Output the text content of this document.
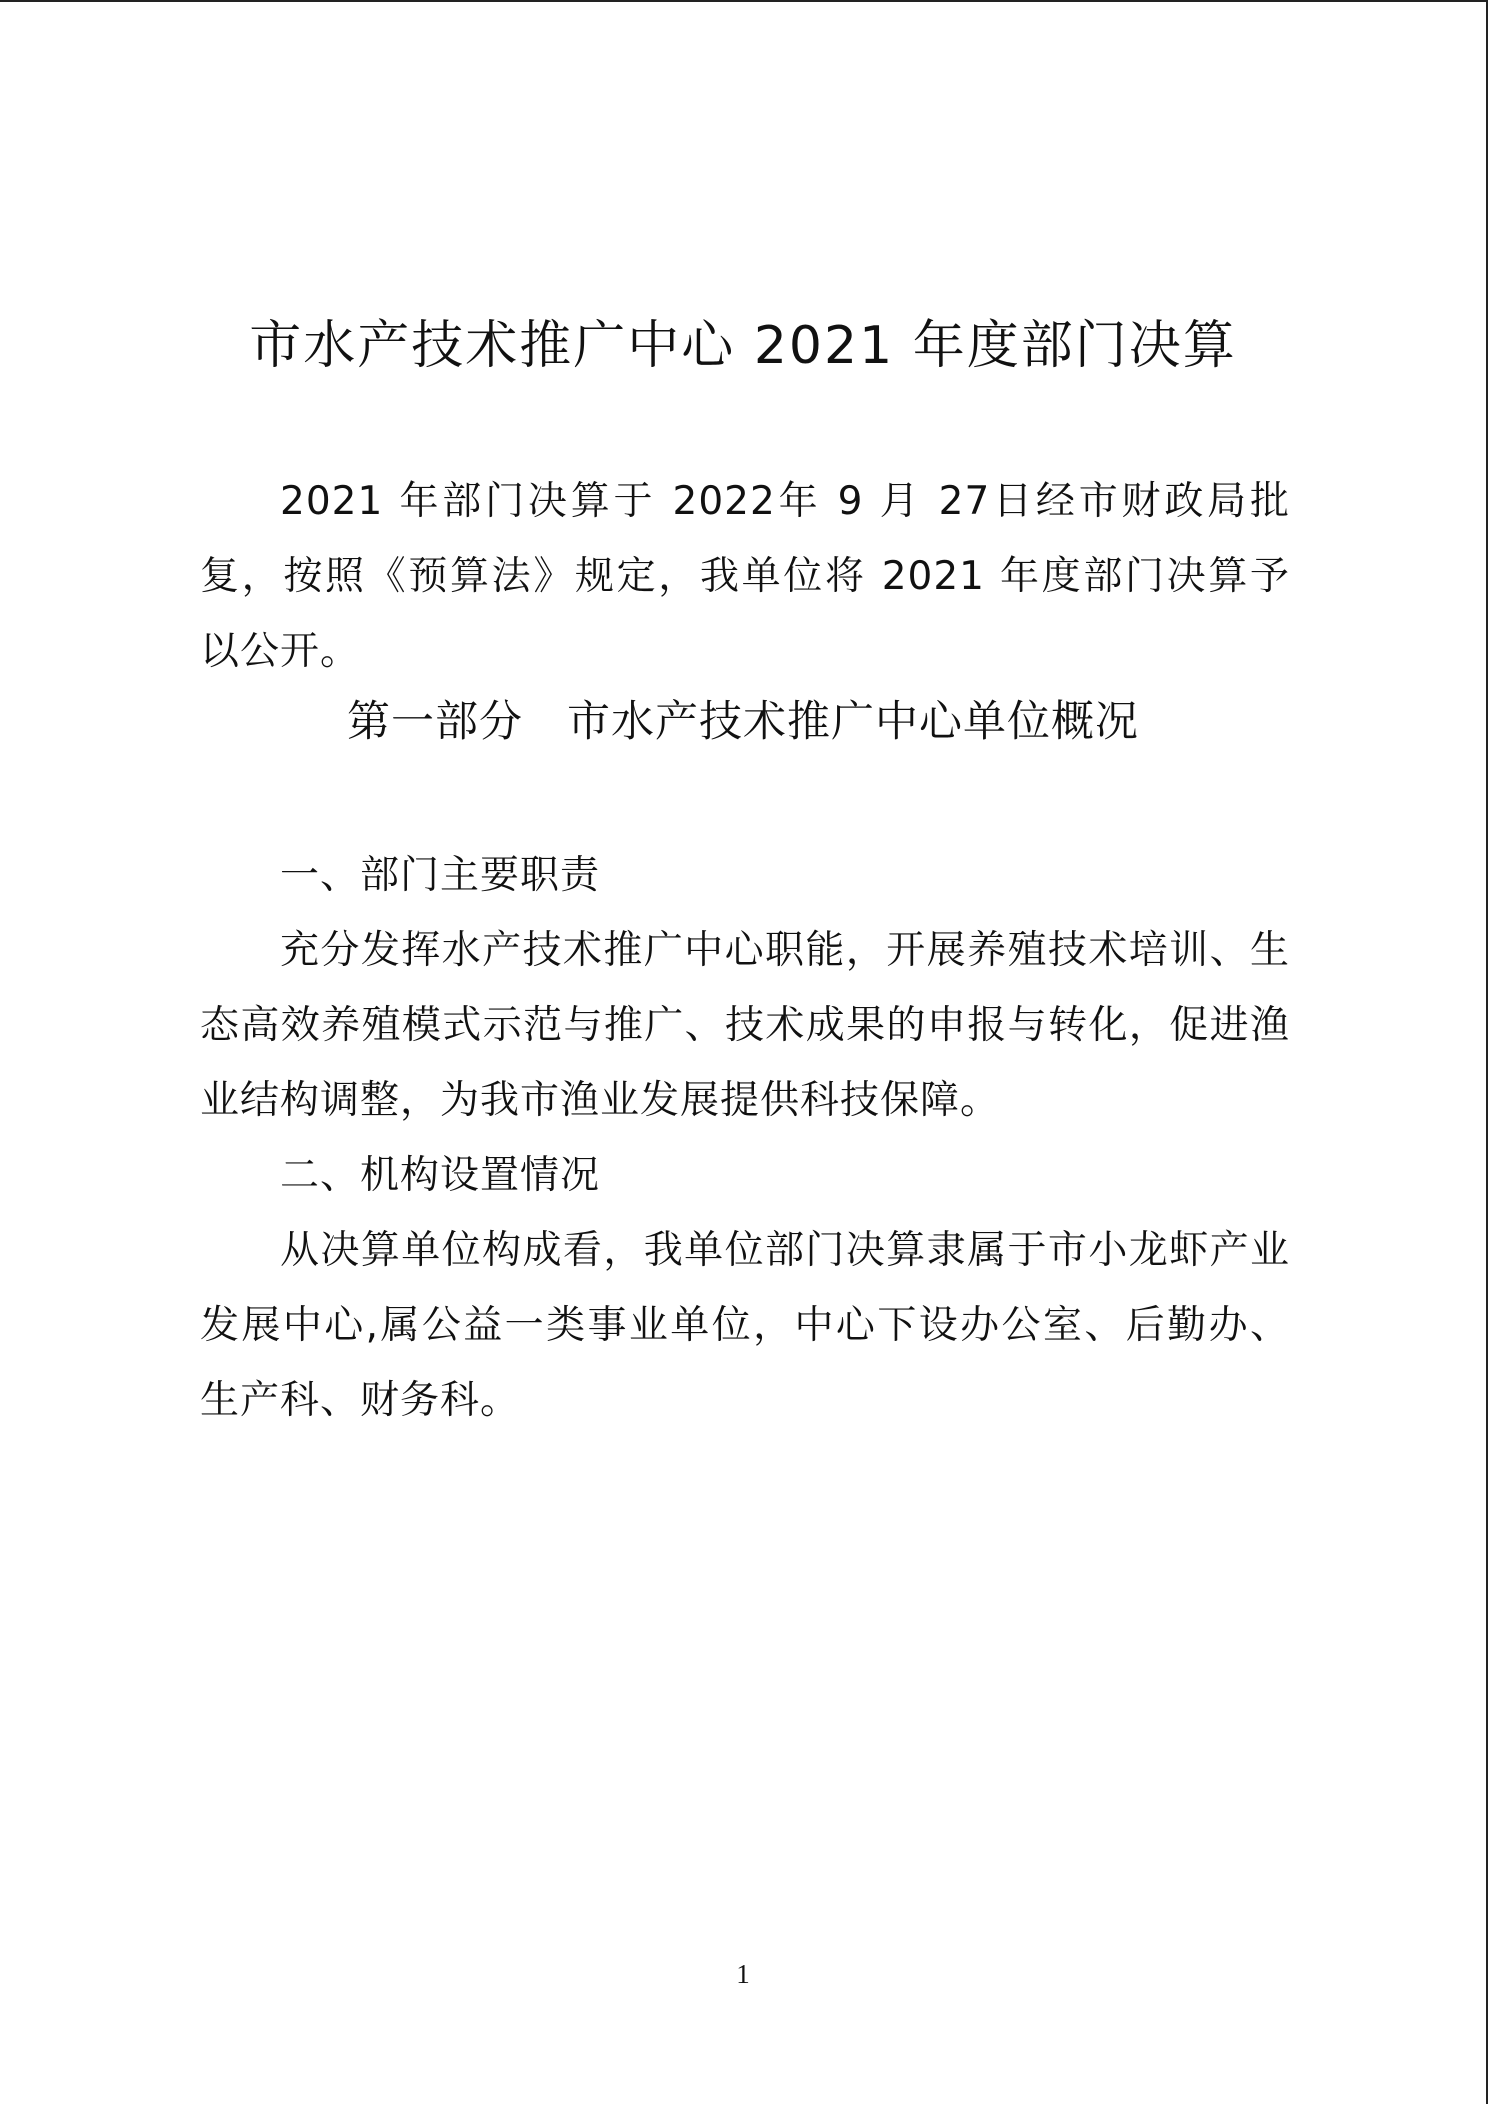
市水产技术推广中心 2021 年度部门决算
2021 年部门决算于 2022年 9 月 27日经市财政局批复，按照《预算法》规定，我单位将 2021 年度部门决算予以公开。
第一部分　市水产技术推广中心单位概况
一、部门主要职责
充分发挥水产技术推广中心职能，开展养殖技术培训、生态高效养殖模式示范与推广、技术成果的申报与转化，促进渔业结构调整，为我市渔业发展提供科技保障。
二、机构设置情况
从决算单位构成看，我单位部门决算隶属于市小龙虾产业发展中心,属公益一类事业单位，中心下设办公室、后勤办、生产科、财务科。
1
